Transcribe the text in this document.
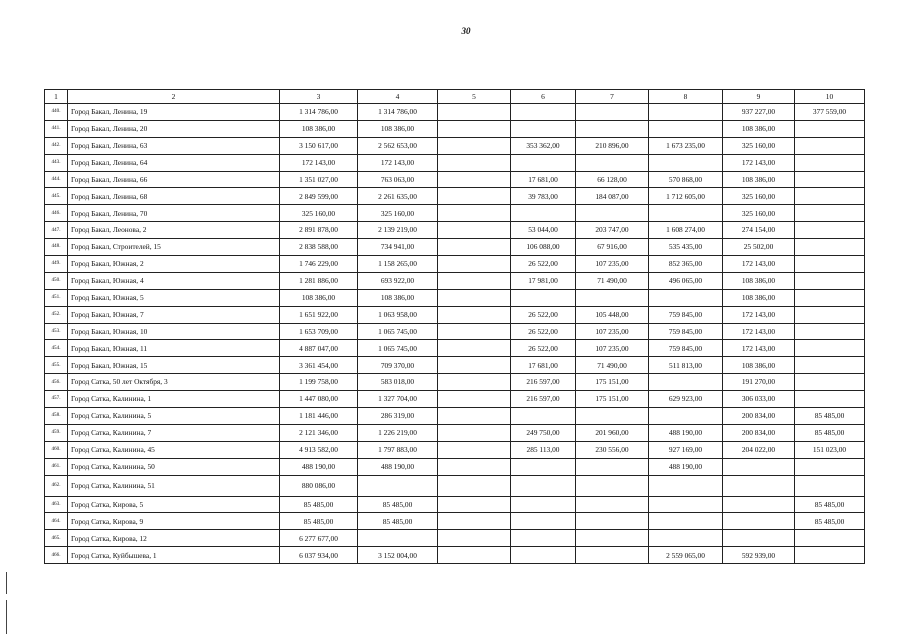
30
1	2	3	4	5	6	7	8	9	10
440.	Город Бакал, Ленина, 19	1 314 786,00	1 314 786,00					937 227,00	377 559,00
441.	Город Бакал, Ленина, 20	108 386,00	108 386,00					108 386,00	
442.	Город Бакал, Ленина, 63	3 150 617,00	2 562 653,00		353 362,00	210 896,00	1 673 235,00	325 160,00	
443.	Город Бакал, Ленина, 64	172 143,00	172 143,00					172 143,00	
444.	Город Бакал, Ленина, 66	1 351 027,00	763 063,00		17 681,00	66 128,00	570 868,00	108 386,00	
445.	Город Бакал, Ленина, 68	2 849 599,00	2 261 635,00		39 783,00	184 087,00	1 712 605,00	325 160,00	
446.	Город Бакал, Ленина, 70	325 160,00	325 160,00					325 160,00	
447.	Город Бакал, Леонова, 2	2 891 878,00	2 139 219,00		53 044,00	203 747,00	1 608 274,00	274 154,00	
448.	Город Бакал, Строителей, 15	2 838 588,00	734 941,00		106 088,00	67 916,00	535 435,00	25 502,00	
449.	Город Бакал, Южная, 2	1 746 229,00	1 158 265,00		26 522,00	107 235,00	852 365,00	172 143,00	
450.	Город Бакал, Южная, 4	1 281 886,00	693 922,00		17 981,00	71 490,00	496 065,00	108 386,00	
451.	Город Бакал, Южная, 5	108 386,00	108 386,00					108 386,00	
452.	Город Бакал, Южная, 7	1 651 922,00	1 063 958,00		26 522,00	105 448,00	759 845,00	172 143,00	
453.	Город Бакал, Южная, 10	1 653 709,00	1 065 745,00		26 522,00	107 235,00	759 845,00	172 143,00	
454.	Город Бакал, Южная, 11	4 887 047,00	1 065 745,00		26 522,00	107 235,00	759 845,00	172 143,00	
455.	Город Бакал, Южная, 15	3 361 454,00	709 370,00		17 681,00	71 490,00	511 813,00	108 386,00	
456.	Город Сатка, 50 лет Октября, 3	1 199 758,00	583 018,00		216 597,00	175 151,00		191 270,00	
457.	Город Сатка, Калинина, 1	1 447 080,00	1 327 704,00		216 597,00	175 151,00	629 923,00	306 033,00	
458.	Город Сатка, Калинина, 5	1 181 446,00	286 319,00					200 834,00	85 485,00
459.	Город Сатка, Калинина, 7	2 121 346,00	1 226 219,00		249 750,00	201 960,00	488 190,00	200 834,00	85 485,00
460.	Город Сатка, Калинина, 45	4 913 582,00	1 797 883,00		285 113,00	230 556,00	927 169,00	204 022,00	151 023,00
461.	Город Сатка, Калинина, 50	488 190,00	488 190,00				488 190,00		
462.	Город Сатка, Калинина, 51	880 086,00							
463.	Город Сатка, Кирова, 5	85 485,00	85 485,00						85 485,00
464.	Город Сатка, Кирова, 9	85 485,00	85 485,00						85 485,00
465.	Город Сатка, Кирова, 12	6 277 677,00							
466.	Город Сатка, Куйбышева, 1	6 037 934,00	3 152 004,00				2 559 065,00	592 939,00	
